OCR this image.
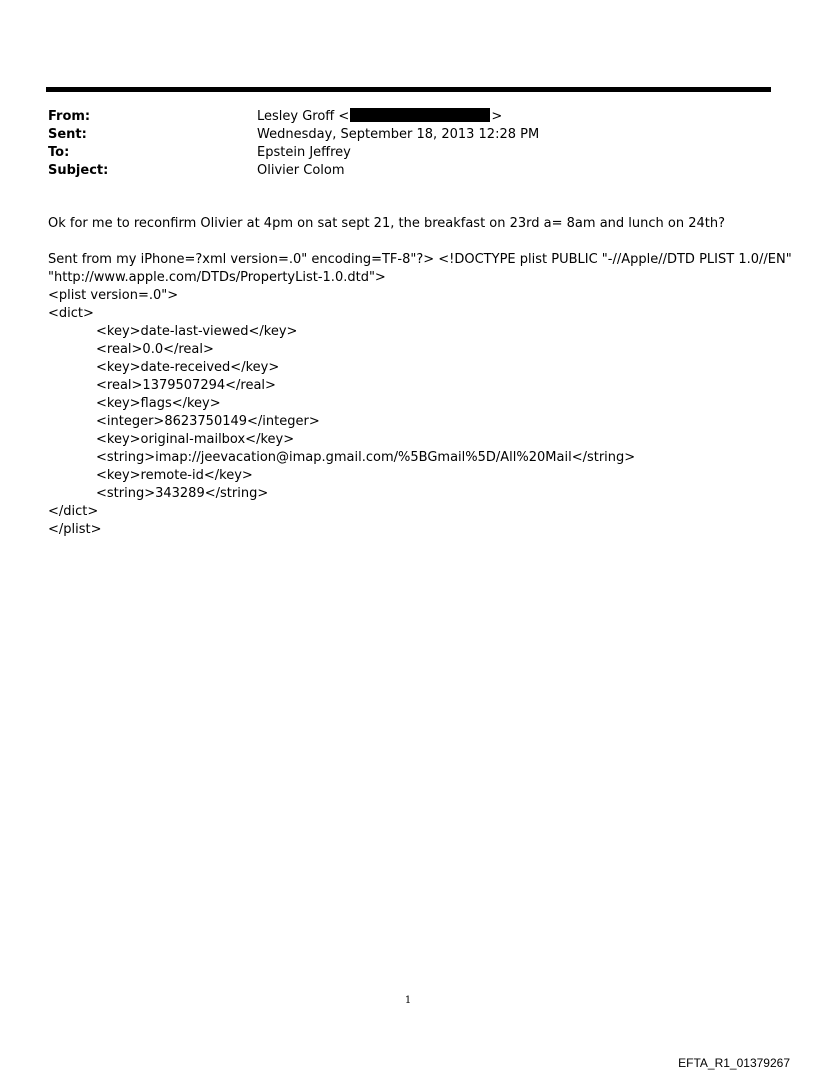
From:	Lesley Groff <	>
Sent:	Wednesday, September 18, 2013 12:28 PM
To:	Epstein Jeffrey
Subject:	Olivier Colom

Ok for me to reconfirm Olivier at 4pm on sat sept 21, the breakfast on 23rd a= 8am and lunch on 24th?

Sent from my iPhone=?xml version=.0" encoding=TF-8"?> <!DOCTYPE plist PUBLIC "-//Apple//DTD PLIST 1.0//EN"

"http://www.apple.com/DTDs/PropertyList-1.0.dtd">

<plist version=.0">

<dict>

<key>date-last-viewed</key>

<real>0.0</real>

<key>date-received</key>

<real>1379507294</real>

<key>flags</key>

<integer>8623750149</integer>

<key>original-mailbox</key>

<string>imap://jeevacation@imap.gmail.com/%5BGmail%5D/All%20Mail</string>

<key>remote-id</key>

<string>343289</string>

</dict>

</plist>

1
EFTA_R1_01379267
